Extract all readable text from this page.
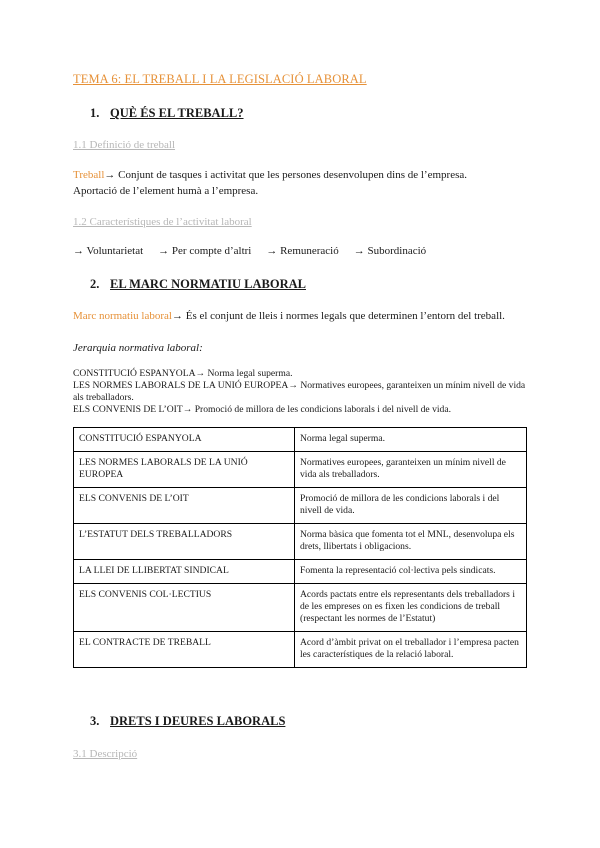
TEMA 6: EL TREBALL I LA LEGISLACIÓ LABORAL
1. QUÈ ÉS EL TREBALL?
1.1 Definició de treball
Treball→ Conjunt de tasques i activitat que les persones desenvolupen dins de l’empresa. Aportació de l’element humà a l’empresa.
1.2 Característiques de l’activitat laboral
→ Voluntarietat → Per compte d’altri → Remuneració → Subordinació
2. EL MARC NORMATIU LABORAL
Marc normatiu laboral→ És el conjunt de lleis i normes legals que determinen l’entorn del treball.
Jerarquia normativa laboral:
CONSTITUCIÓ ESPANYOLA→ Norma legal superma.
LES NORMES LABORALS DE LA UNIÓ EUROPEA→ Normatives europees, garanteixen un mínim nivell de vida als treballadors.
ELS CONVENIS DE L’OIT→ Promoció de millora de les condicions laborals i del nivell de vida.
CONSTITUCIÓ ESPANYOLA	Norma legal superma.
LES NORMES LABORALS DE LA UNIÓ EUROPEA	Normatives europees, garanteixen un mínim nivell de vida als treballadors.
ELS CONVENIS DE L’OIT	Promoció de millora de les condicions laborals i del nivell de vida.
L’ESTATUT DELS TREBALLADORS	Norma bàsica que fomenta tot el MNL, desenvolupa els drets, llibertats i obligacions.
LA LLEI DE LLIBERTAT SINDICAL	Fomenta la representació col·lectiva pels sindicats.
ELS CONVENIS COL·LECTIUS	Acords pactats entre els representants dels treballadors i de les empreses on es fixen les condicions de treball (respectant les normes de l’Estatut)
EL CONTRACTE DE TREBALL	Acord d’àmbit privat on el treballador i l’empresa pacten les característiques de la relació laboral.
3. DRETS I DEURES LABORALS
3.1 Descripció
